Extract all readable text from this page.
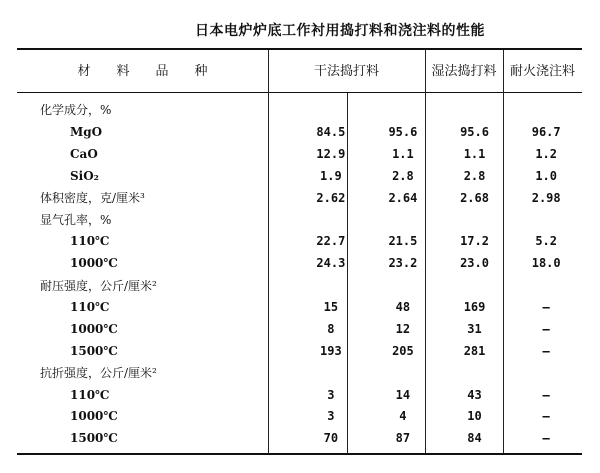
日本电炉炉底工作衬用捣打料和浇注料的性能
材　　料　　品　　种	干法捣打料	湿法捣打料	耐火浇注料
化学成分，%				
MgO	84.5	95.6	95.6	96.7
CaO	12.9	1.1	1.1	1.2
SiO₂	1.9	2.8	2.8	1.0
体积密度，克/厘米³	2.62	2.64	2.68	2.98
显气孔率，%				
110℃	22.7	21.5	17.2	5.2
1000℃	24.3	23.2	23.0	18.0
耐压强度，公斤/厘米²				
110℃	15	48	169	—
1000℃	8	12	31	—
1500℃	193	205	281	—
抗折强度，公斤/厘米²				
110℃	3	14	43	—
1000℃	3	4	10	—
1500℃	70	87	84	—
